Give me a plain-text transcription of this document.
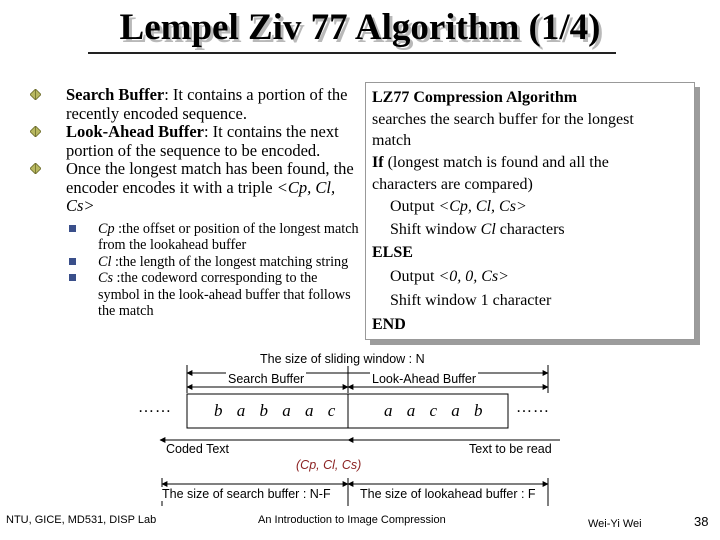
Lempel Ziv 77 Algorithm (1/4)

Search Buffer: It contains a portion of the recently encoded sequence.

Look-Ahead Buffer: It contains the next portion of the sequence to be encoded.

Once the longest match has been found, the encoder encodes it with a triple <Cp, Cl, Cs>

Cp :the offset or position of the longest match from the lookahead buffer
Cl :the length of the longest matching string
Cs :the codeword corresponding to the symbol in the look-ahead buffer that follows the match
LZ77 Compression Algorithm
searches the search buffer for the longest
match
If (longest match is found and all the
characters are compared)
Output <Cp, Cl, Cs>
Shift window Cl characters
ELSE
Output <0, 0, Cs>
Shift window 1 character
END
The size of sliding window : N
Search Buffer	Look-Ahead Buffer
……	……
b a b a a c	a a c a b
Coded Text	Text to be read
(Cp, Cl, Cs)
The size of search buffer : N-F The size of lookahead buffer : F
NTU, GICE, MD531, DISP Lab	An Introduction to Image Compression	Wei-Yi Wei	38
